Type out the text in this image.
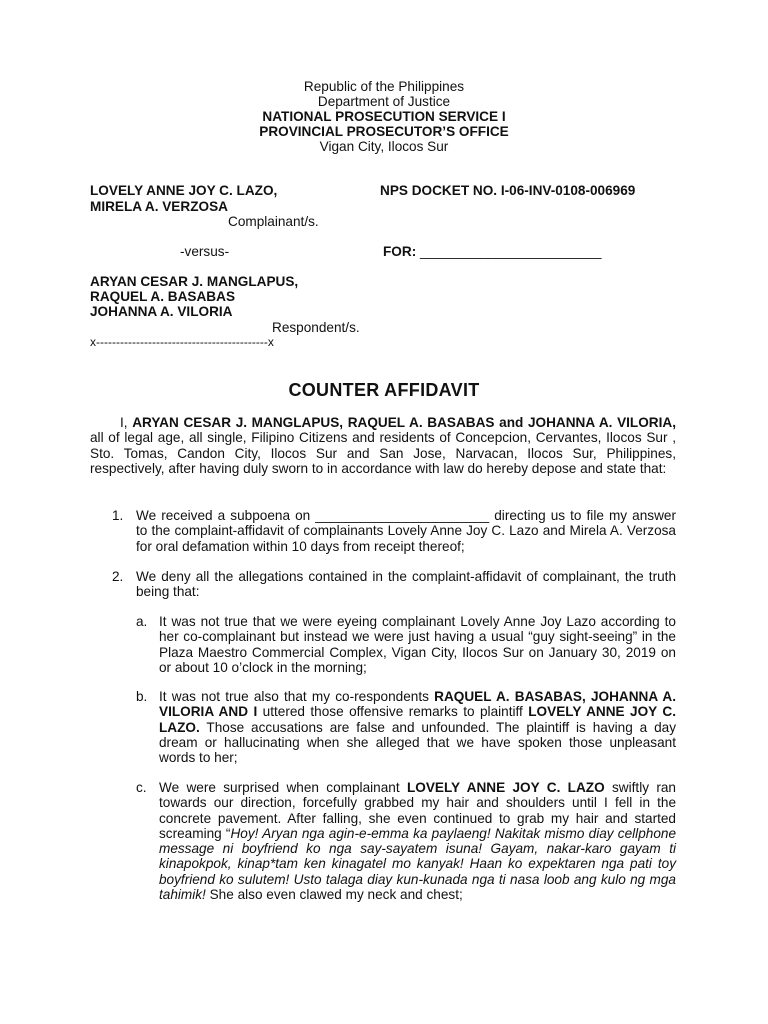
Republic of the Philippines
Department of Justice
NATIONAL PROSECUTION SERVICE I
PROVINCIAL PROSECUTOR’S OFFICE
Vigan City, Ilocos Sur
LOVELY ANNE JOY C. LAZO,
MIRELA A. VERZOSA
Complainant/s.
-versus-
ARYAN CESAR J. MANGLAPUS,
RAQUEL A. BASABAS
JOHANNA A. VILORIA
Respondent/s.
x-------------------------------------------x
NPS DOCKET NO. I-06-INV-0108-006969
FOR: ________________________
COUNTER AFFIDAVIT
I, ARYAN CESAR J. MANGLAPUS, RAQUEL A. BASABAS and JOHANNA A. VILORIA, all of legal age, all single, Filipino Citizens and residents of Concepcion, Cervantes, Ilocos Sur , Sto. Tomas, Candon City, Ilocos Sur and San Jose, Narvacan, Ilocos Sur, Philippines, respectively, after having duly sworn to in accordance with law do hereby depose and state that:
1. We received a subpoena on _______________________ directing us to file my answer to the complaint-affidavit of complainants Lovely Anne Joy C. Lazo and Mirela A. Verzosa for oral defamation within 10 days from receipt thereof;
2. We deny all the allegations contained in the complaint-affidavit of complainant, the truth being that:
a. It was not true that we were eyeing complainant Lovely Anne Joy Lazo according to her co-complainant but instead we were just having a usual “guy sight-seeing” in the Plaza Maestro Commercial Complex, Vigan City, Ilocos Sur on January 30, 2019 on or about 10 o’clock in the morning;
b. It was not true also that my co-respondents RAQUEL A. BASABAS, JOHANNA A. VILORIA AND I uttered those offensive remarks to plaintiff LOVELY ANNE JOY C. LAZO. Those accusations are false and unfounded. The plaintiff is having a day dream or hallucinating when she alleged that we have spoken those unpleasant words to her;
c. We were surprised when complainant LOVELY ANNE JOY C. LAZO swiftly ran towards our direction, forcefully grabbed my hair and shoulders until I fell in the concrete pavement. After falling, she even continued to grab my hair and started screaming “Hoy! Aryan nga agin-e-emma ka paylaeng! Nakitak mismo diay cellphone message ni boyfriend ko nga say-sayatem isuna! Gayam, nakar-karo gayam ti kinapokpok, kinap*tam ken kinagatel mo kanyak! Haan ko expektaren nga pati toy boyfriend ko sulutem! Usto talaga diay kun-kunada nga ti nasa loob ang kulo ng mga tahimik! She also even clawed my neck and chest;
